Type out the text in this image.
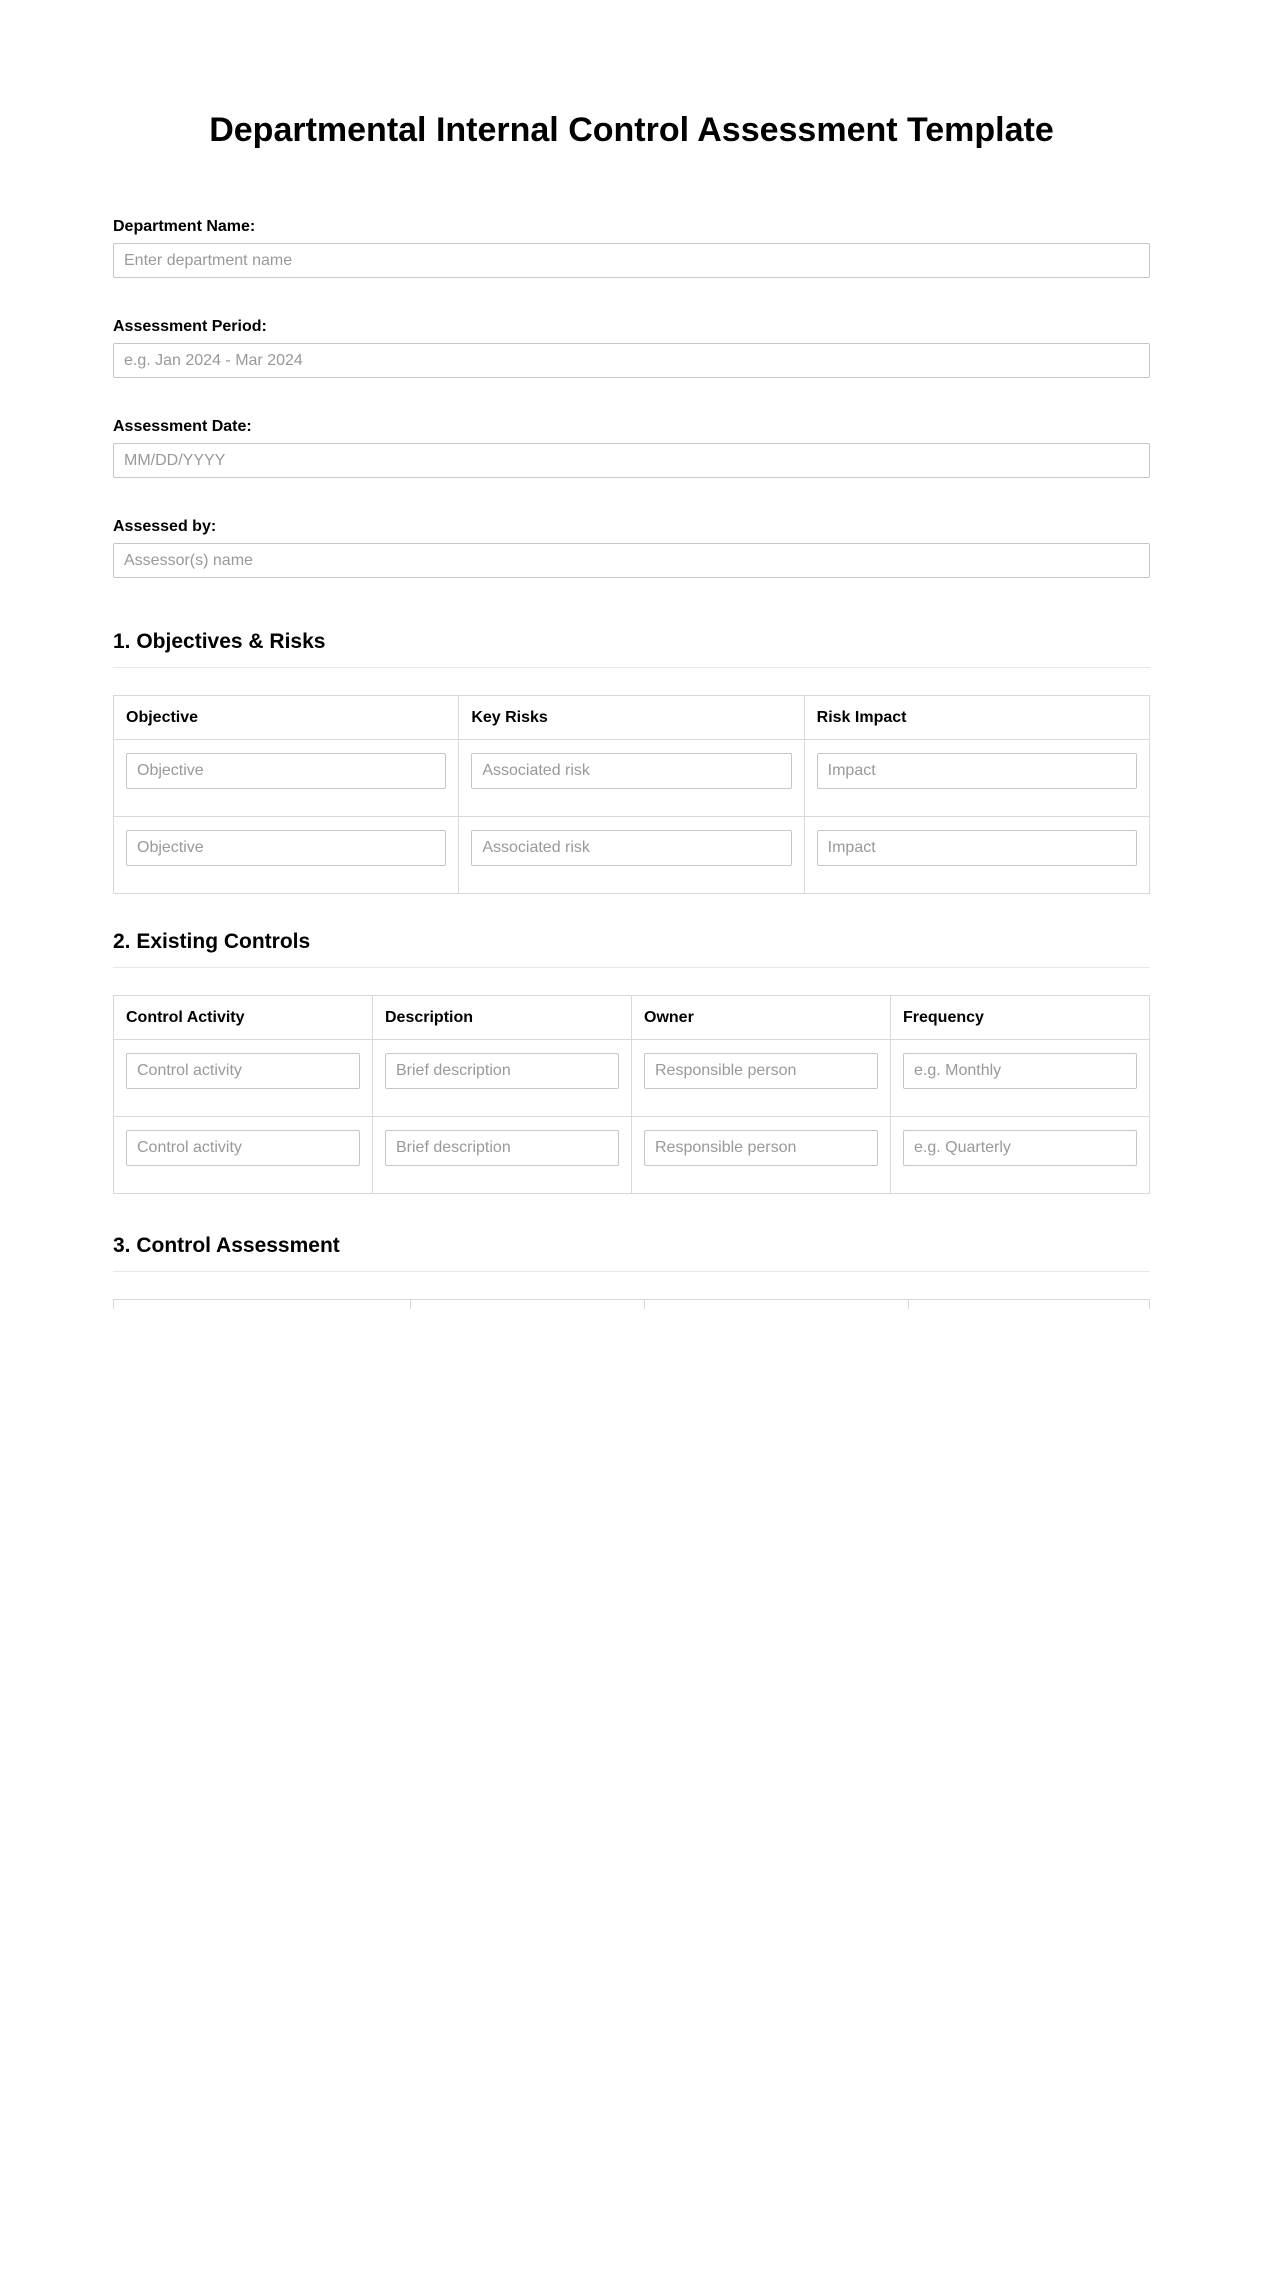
Departmental Internal Control Assessment Template
Department Name:
Enter department name
Assessment Period:
e.g. Jan 2024 - Mar 2024
Assessment Date:
MM/DD/YYYY
Assessed by:
Assessor(s) name
1. Objectives & Risks
Objective	Key Risks	Risk Impact
Objective	Associated risk	Impact
Objective	Associated risk	Impact
2. Existing Controls
Control Activity	Description	Owner	Frequency
Control activity	Brief description	Responsible person	e.g. Monthly
Control activity	Brief description	Responsible person	e.g. Quarterly
3. Control Assessment
